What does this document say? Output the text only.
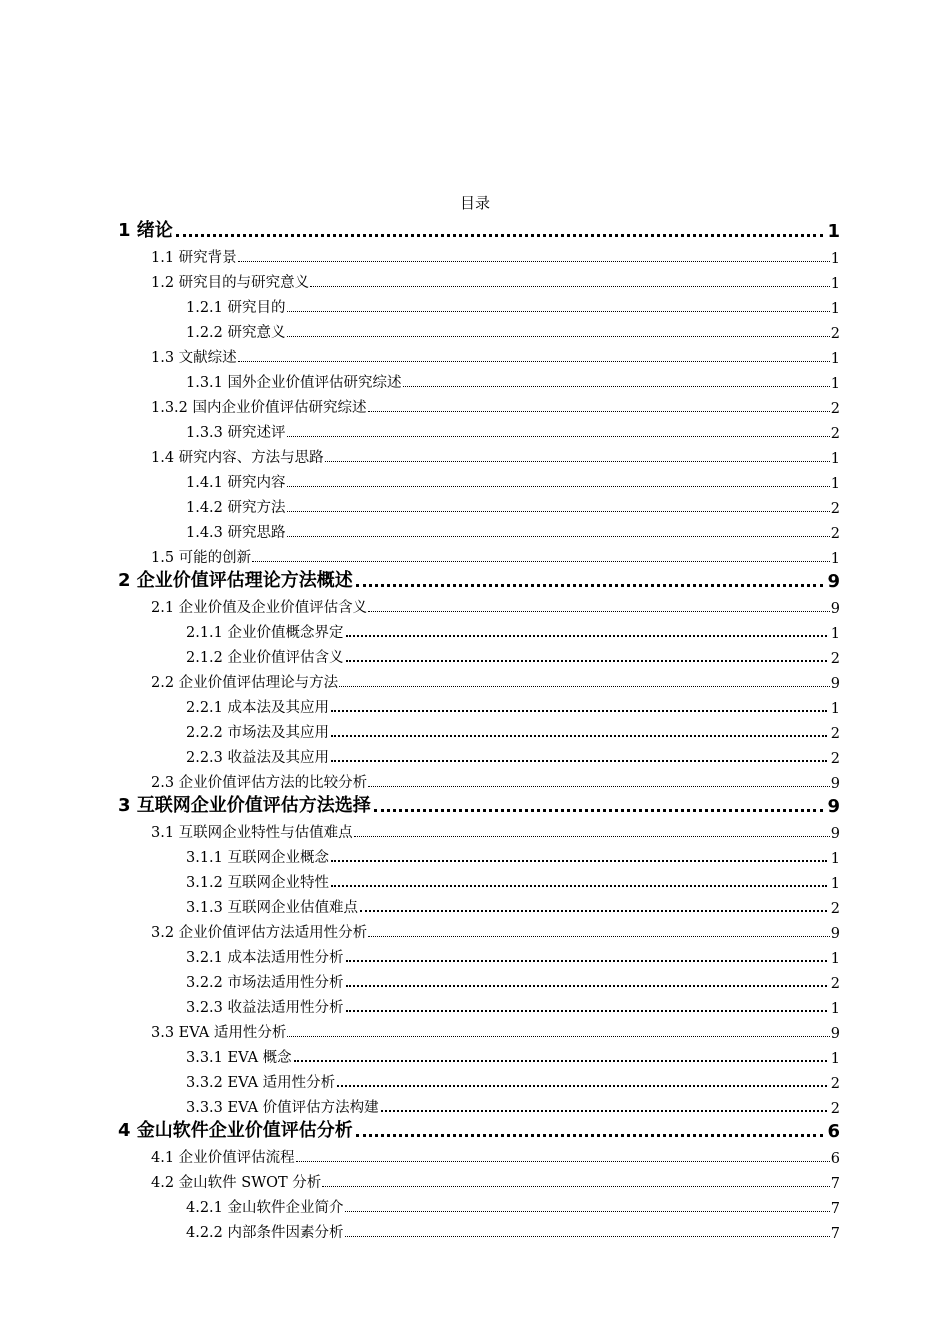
目录
1 绪论	1
1.1 研究背景	1
1.2 研究目的与研究意义	1
1.2.1 研究目的	1
1.2.2 研究意义	2
1.3 文献综述	1
1.3.1 国外企业价值评估研究综述	1
1.3.2 国内企业价值评估研究综述	2
1.3.3 研究述评	2
1.4 研究内容、方法与思路	1
1.4.1 研究内容	1
1.4.2 研究方法	2
1.4.3 研究思路	2
1.5 可能的创新	1
2 企业价值评估理论方法概述	9
2.1 企业价值及企业价值评估含义	9
2.1.1 企业价值概念界定	1
2.1.2 企业价值评估含义	2
2.2 企业价值评估理论与方法	9
2.2.1 成本法及其应用	1
2.2.2 市场法及其应用	2
2.2.3 收益法及其应用	2
2.3 企业价值评估方法的比较分析	9
3 互联网企业价值评估方法选择	9
3.1 互联网企业特性与估值难点	9
3.1.1 互联网企业概念	1
3.1.2 互联网企业特性	1
3.1.3 互联网企业估值难点	2
3.2 企业价值评估方法适用性分析	9
3.2.1 成本法适用性分析	1
3.2.2 市场法适用性分析	2
3.2.3 收益法适用性分析	1
3.3 EVA 适用性分析	9
3.3.1 EVA 概念	1
3.3.2 EVA 适用性分析	2
3.3.3 EVA 价值评估方法构建	2
4 金山软件企业价值评估分析	6
4.1 企业价值评估流程	6
4.2 金山软件 SWOT 分析	7
4.2.1 金山软件企业简介	7
4.2.2 内部条件因素分析	7
